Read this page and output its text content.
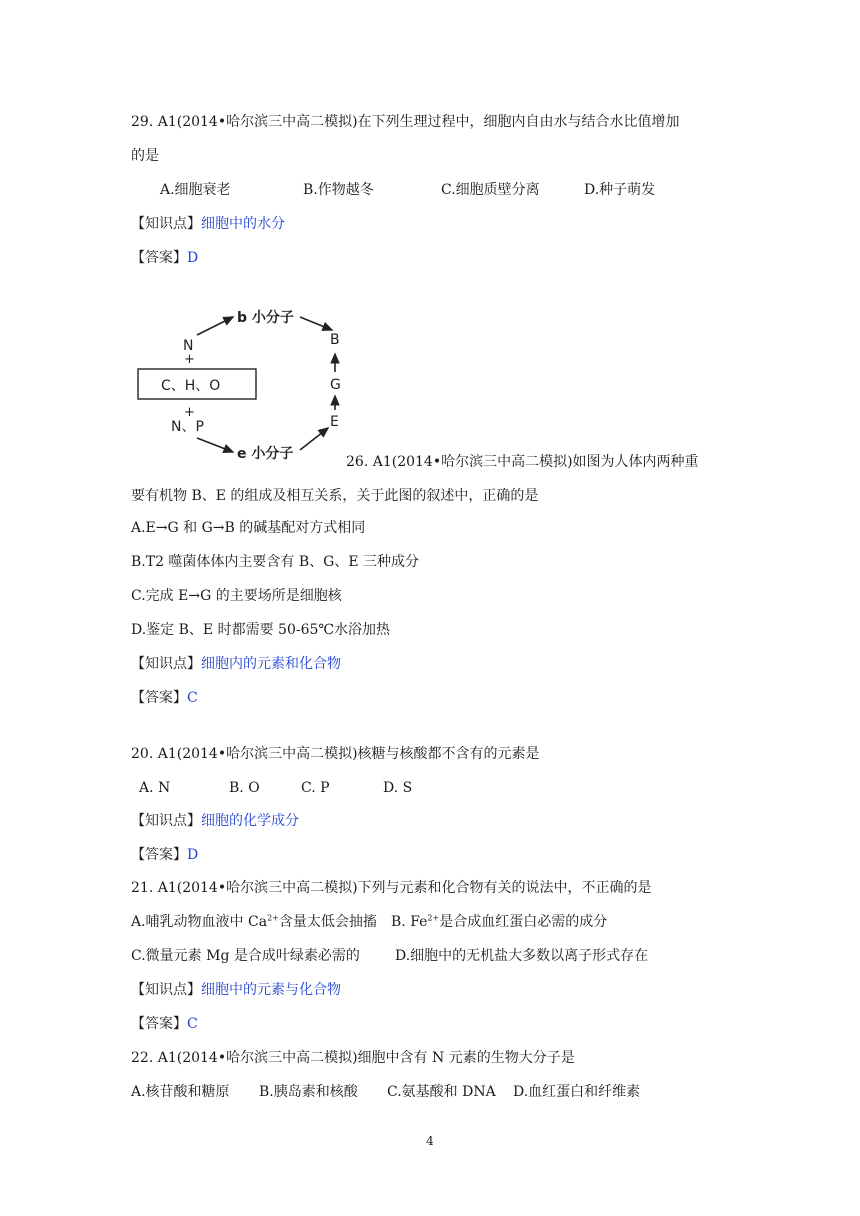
29. A1(2014•哈尔滨三中高二模拟)在下列生理过程中，细胞内自由水与结合水比值增加
的是
A.细胞衰老	B.作物越冬	C.细胞质壁分离	D.种子萌发
【知识点】细胞中的水分
【答案】D
b 小分子
N
+
C、H、O
+
N、P
e 小分子
B
G
E
26. A1(2014•哈尔滨三中高二模拟)如图为人体内两种重
要有机物 B、E 的组成及相互关系，关于此图的叙述中，正确的是
A.E→G 和 G→B 的碱基配对方式相同
B.T2 噬菌体体内主要含有 B、G、E 三种成分
C.完成 E→G 的主要场所是细胞核
D.鉴定 B、E 时都需要 50-65℃水浴加热
【知识点】细胞内的元素和化合物
【答案】C
20. A1(2014•哈尔滨三中高二模拟)核糖与核酸都不含有的元素是
A. N	B. O	C. P	D. S
【知识点】细胞的化学成分
【答案】D
21. A1(2014•哈尔滨三中高二模拟)下列与元素和化合物有关的说法中，不正确的是
A.哺乳动物血液中 $Ca^{2+}$含量太低会抽搐 B. $Fe^{2+}$是合成血红蛋白必需的成分
C.微量元素 Mg 是合成叶绿素必需的	D.细胞中的无机盐大多数以离子形式存在
【知识点】细胞中的元素与化合物
【答案】C
22. A1(2014•哈尔滨三中高二模拟)细胞中含有 N 元素的生物大分子是
A.核苷酸和糖原 B.胰岛素和核酸 C.氨基酸和 DNA D.血红蛋白和纤维素
4
